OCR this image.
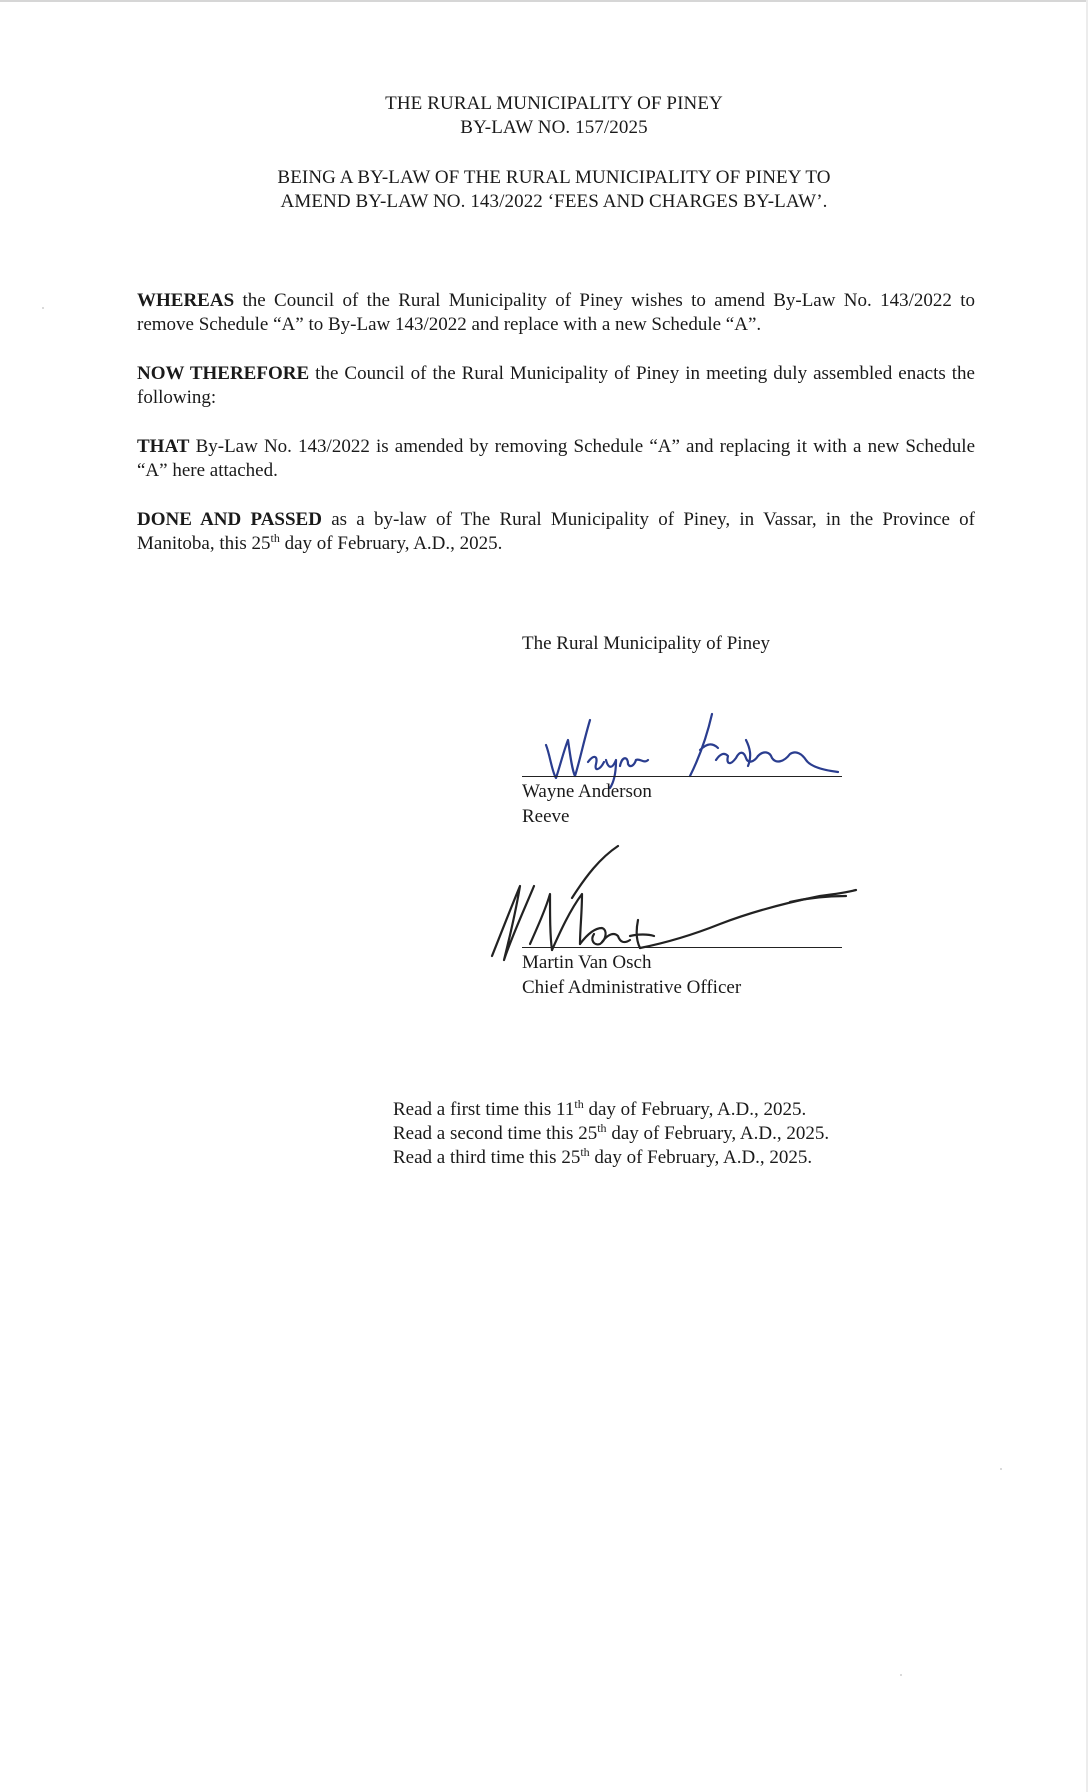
THE RURAL MUNICIPALITY OF PINEY
BY-LAW NO. 157/2025
BEING A BY-LAW OF THE RURAL MUNICIPALITY OF PINEY TO
AMEND BY-LAW NO. 143/2022 ‘FEES AND CHARGES BY-LAW’.
WHEREAS the Council of the Rural Municipality of Piney wishes to amend By-Law No. 143/2022 to remove Schedule “A” to By-Law 143/2022 and replace with a new Schedule “A”.
NOW THEREFORE the Council of the Rural Municipality of Piney in meeting duly assembled enacts the following:
THAT By-Law No. 143/2022 is amended by removing Schedule “A” and replacing it with a new Schedule “A” here attached.
DONE AND PASSED as a by-law of The Rural Municipality of Piney, in Vassar, in the Province of Manitoba, this 25th day of February, A.D., 2025.
The Rural Municipality of Piney
Wayne Anderson
Reeve
Martin Van Osch
Chief Administrative Officer
Read a first time this 11th day of February, A.D., 2025.
Read a second time this 25th day of February, A.D., 2025.
Read a third time this 25th day of February, A.D., 2025.
